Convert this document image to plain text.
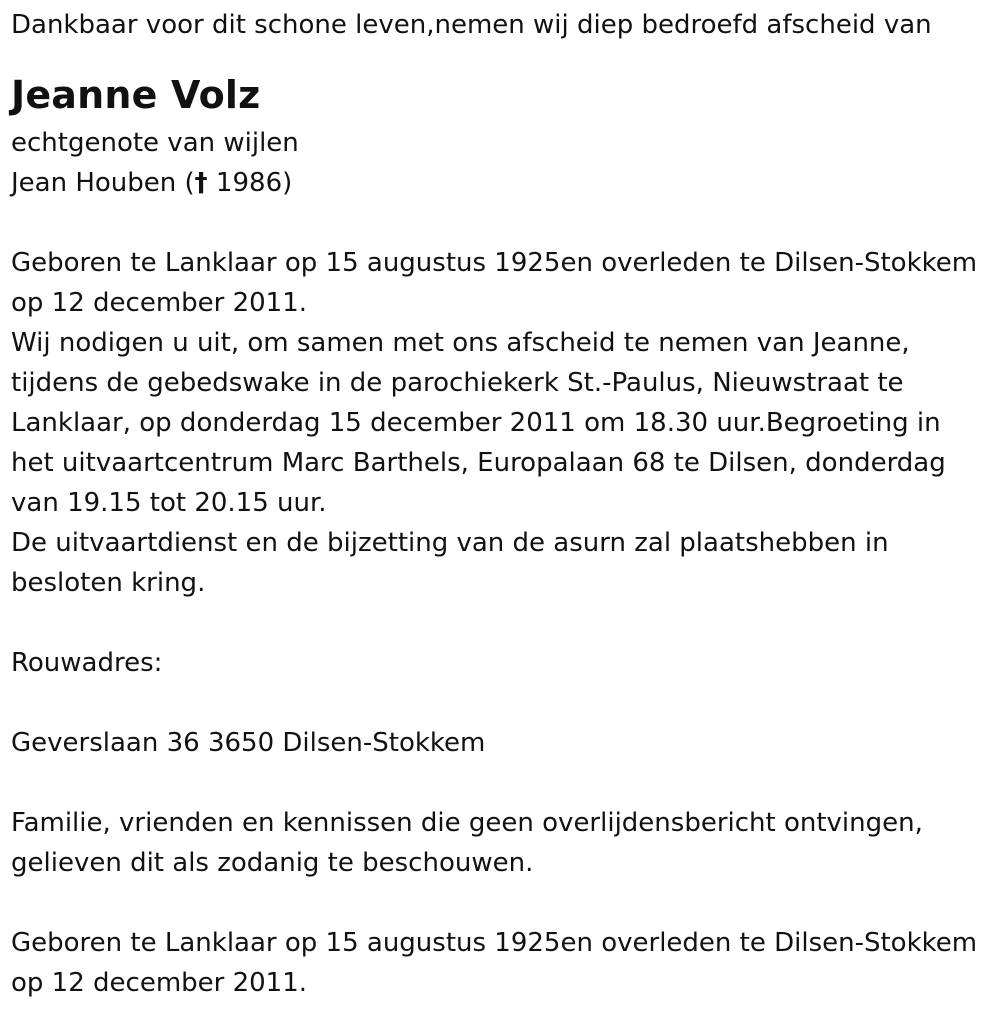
Dankbaar voor dit schone leven,nemen wij diep bedroefd afscheid van
Jeanne Volz
echtgenote van wijlen
Jean Houben († 1986)
Geboren te Lanklaar op 15 augustus 1925en overleden te Dilsen-Stokkem
op 12 december 2011.
Wij nodigen u uit, om samen met ons afscheid te nemen van Jeanne,
tijdens de gebedswake in de parochiekerk St.-Paulus, Nieuwstraat te
Lanklaar, op donderdag 15 december 2011 om 18.30 uur.Begroeting in
het uitvaartcentrum Marc Barthels, Europalaan 68 te Dilsen, donderdag
van 19.15 tot 20.15 uur.
De uitvaartdienst en de bijzetting van de asurn zal plaatshebben in
besloten kring.
Rouwadres:
Geverslaan 36 3650 Dilsen-Stokkem
Familie, vrienden en kennissen die geen overlijdensbericht ontvingen,
gelieven dit als zodanig te beschouwen.
Geboren te Lanklaar op 15 augustus 1925en overleden te Dilsen-Stokkem
op 12 december 2011.
